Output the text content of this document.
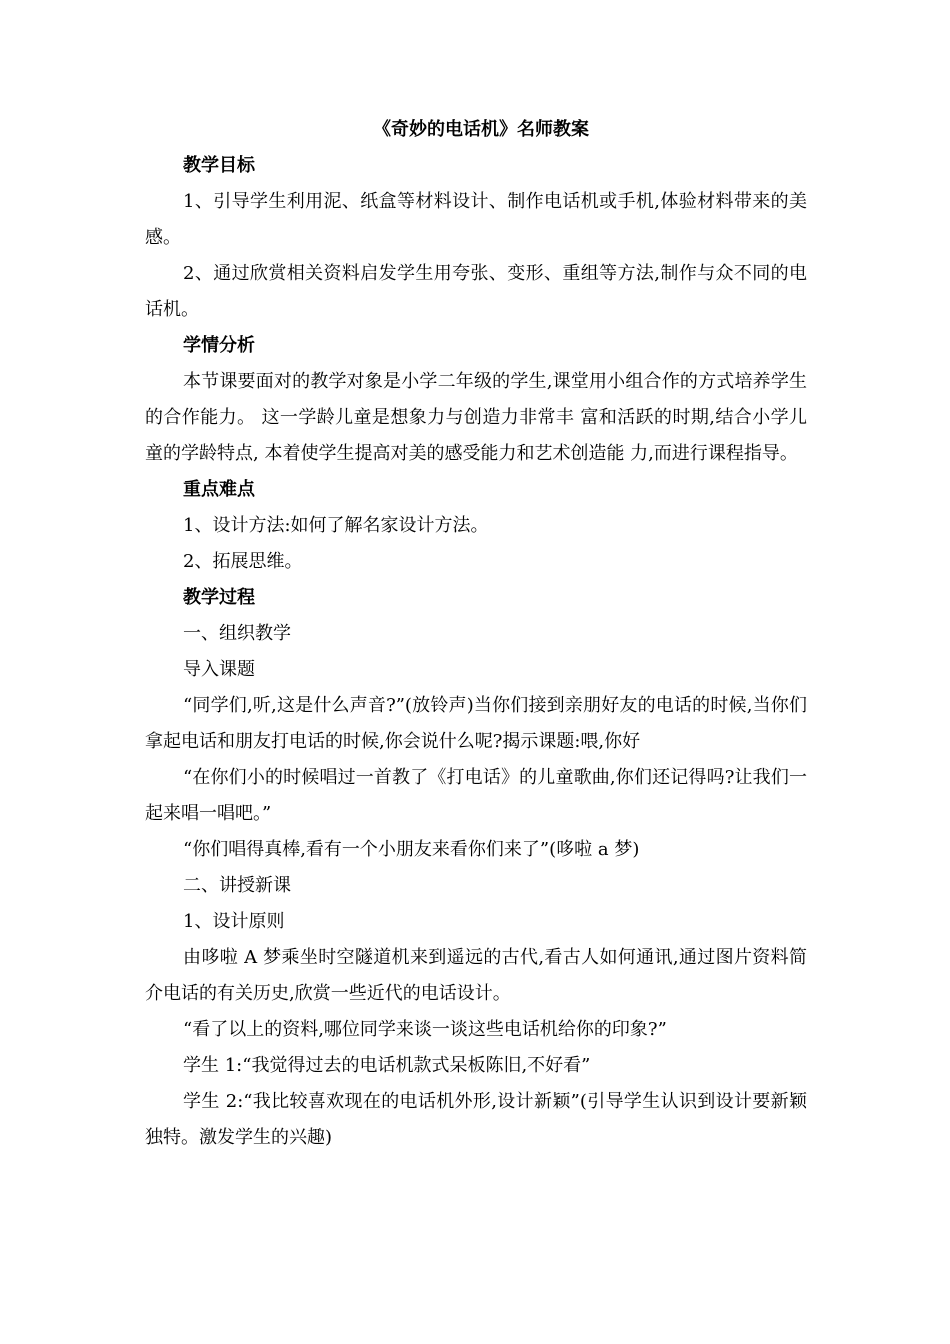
《奇妙的电话机》名师教案

教学目标

1、引导学生利用泥、纸盒等材料设计、制作电话机或手机,体验材料带来的美感。

2、通过欣赏相关资料启发学生用夸张、变形、重组等方法,制作与众不同的电话机。

学情分析

本节课要面对的教学对象是小学二年级的学生,课堂用小组合作的方式培养学生的合作能力。 这一学龄儿童是想象力与创造力非常丰 富和活跃的时期,结合小学儿童的学龄特点, 本着使学生提高对美的感受能力和艺术创造能 力,而进行课程指导。

重点难点

1、设计方法:如何了解名家设计方法。

2、拓展思维。

教学过程

一、组织教学

导入课题

“同学们,听,这是什么声音?”(放铃声)当你们接到亲朋好友的电话的时候,当你们拿起电话和朋友打电话的时候,你会说什么呢?揭示课题:喂,你好

“在你们小的时候唱过一首教了《打电话》的儿童歌曲,你们还记得吗?让我们一起来唱一唱吧。”

“你们唱得真棒,看有一个小朋友来看你们来了”(哆啦 a 梦)

二、讲授新课

1、设计原则

由哆啦 A 梦乘坐时空隧道机来到遥远的古代,看古人如何通讯,通过图片资料简介电话的有关历史,欣赏一些近代的电话设计。

“看了以上的资料,哪位同学来谈一谈这些电话机给你的印象?”

学生 1:“我觉得过去的电话机款式呆板陈旧,不好看”

学生 2:“我比较喜欢现在的电话机外形,设计新颖”(引导学生认识到设计要新颖独特。激发学生的兴趣)
